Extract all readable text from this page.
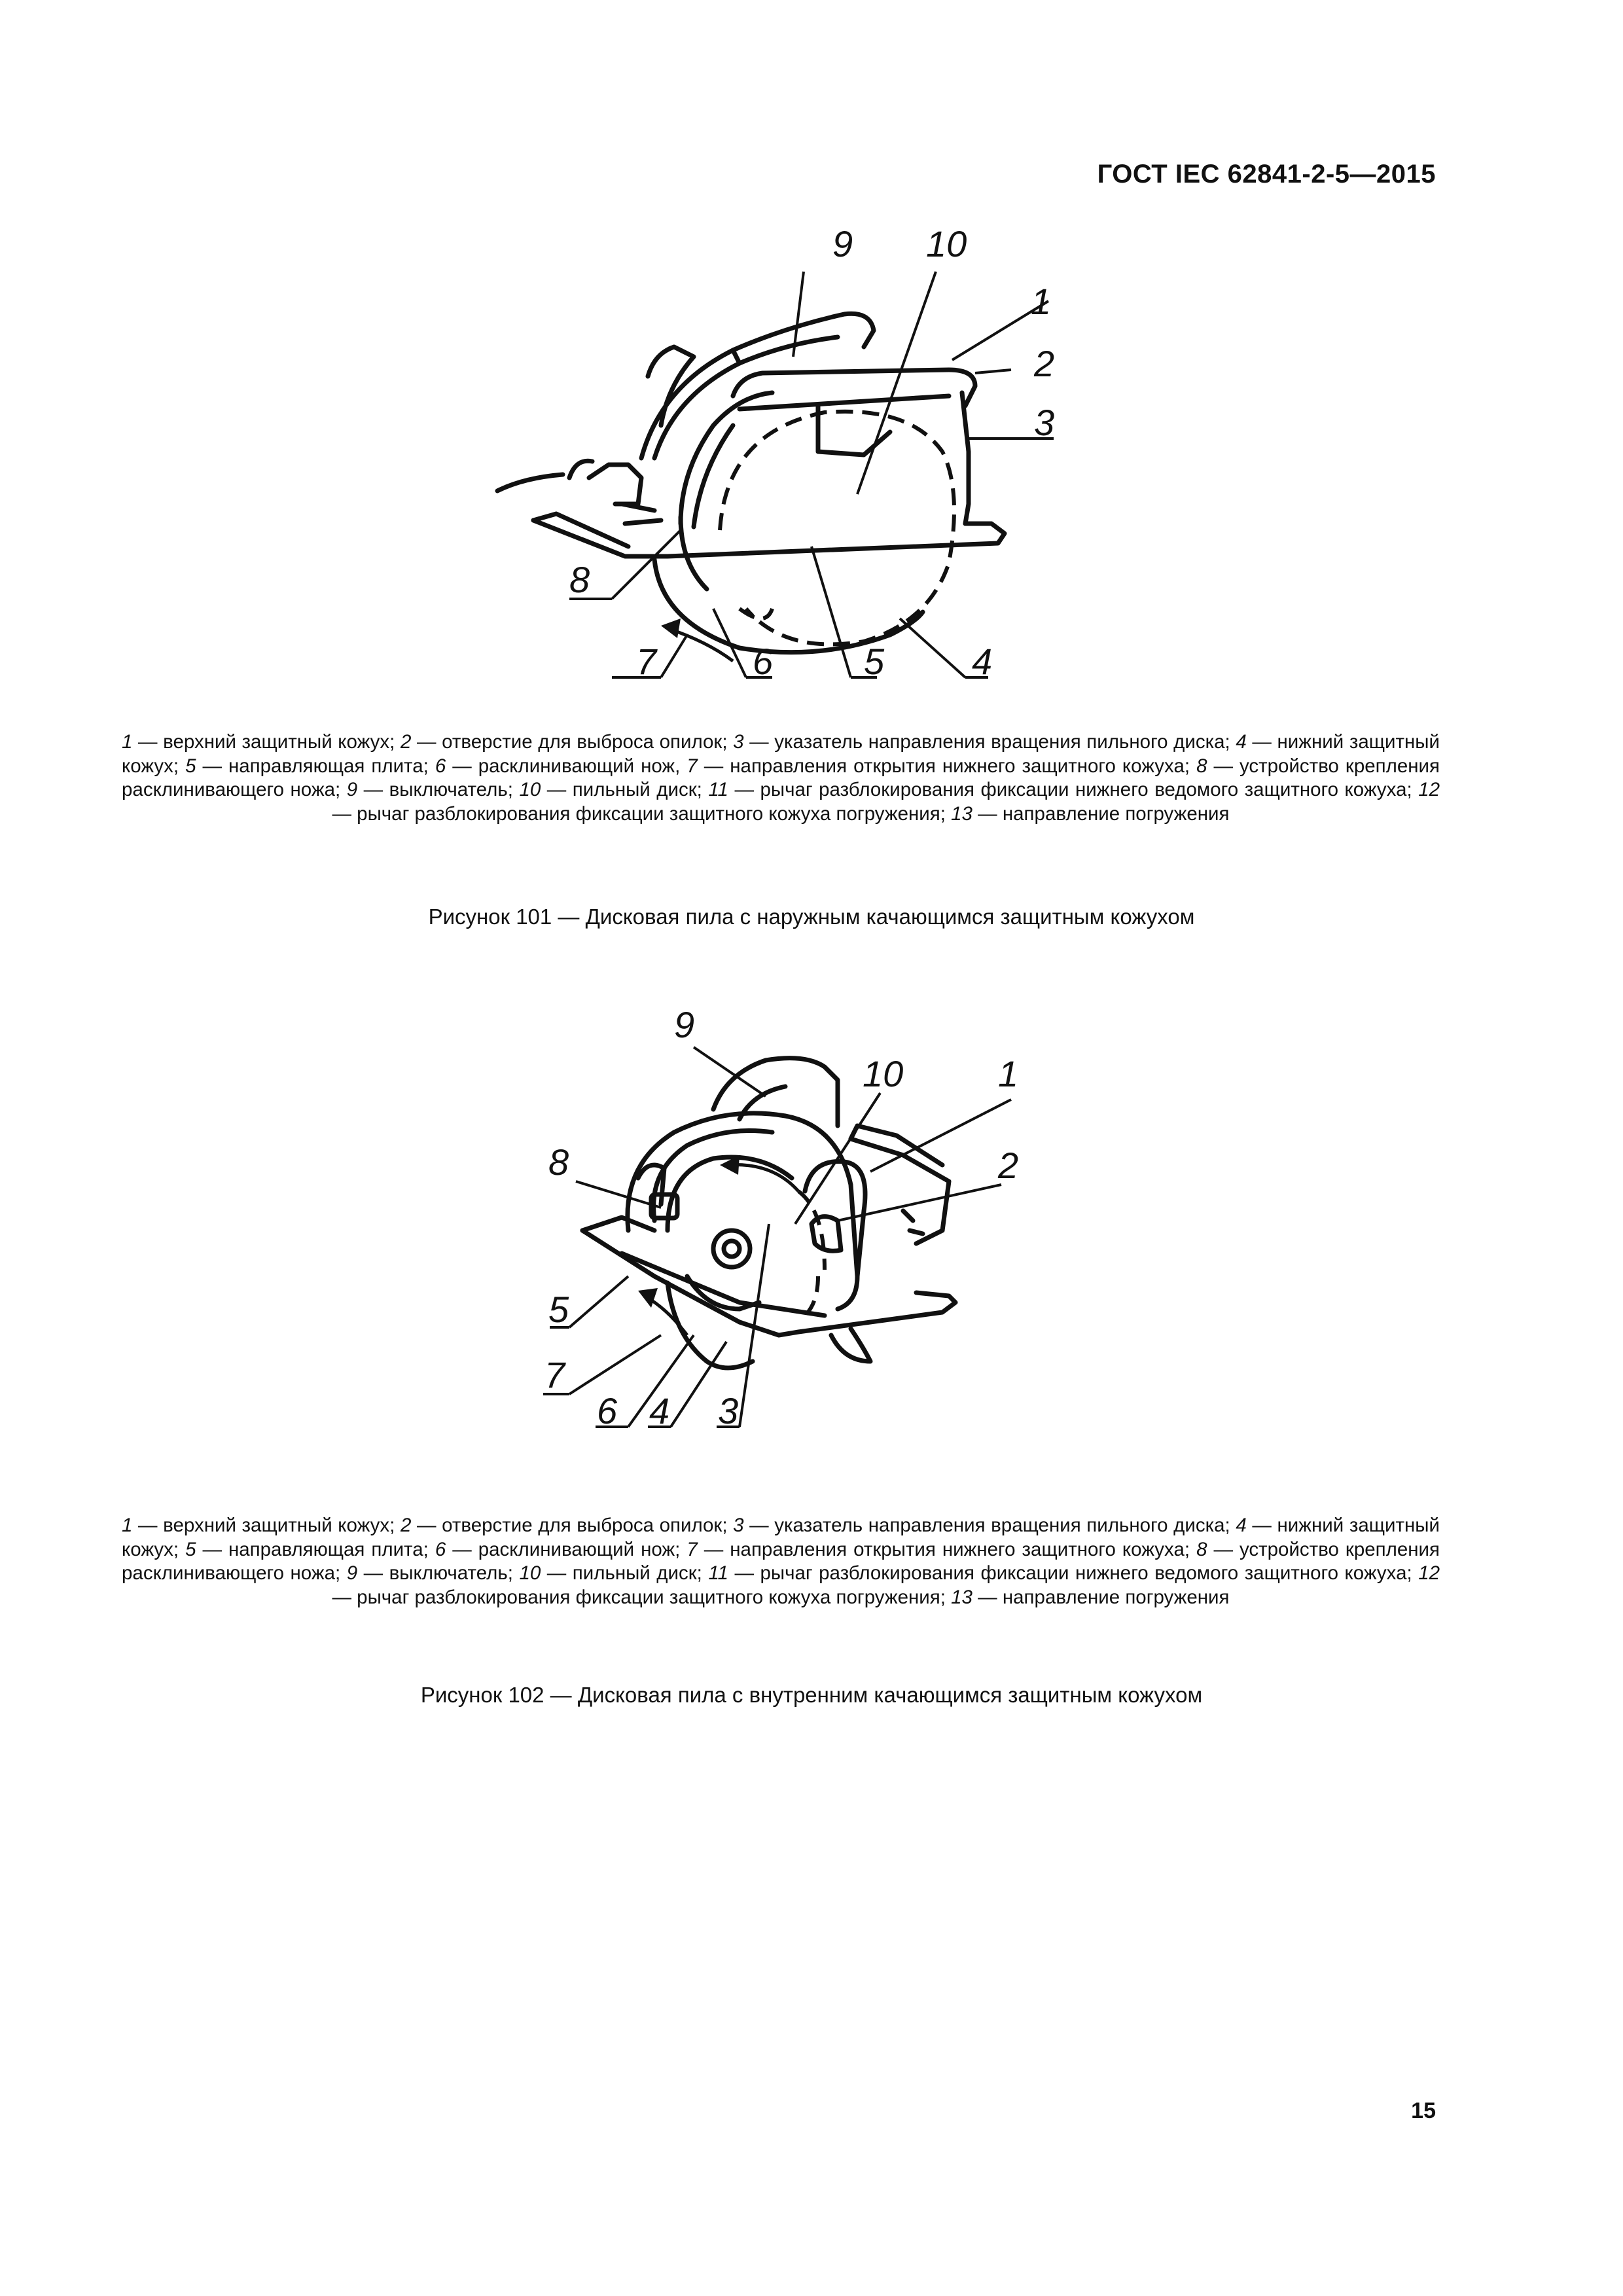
ГОСТ IEC 62841-2-5—2015
9 10
1
2
3
8
7	6 5 4
1 — верхний защитный кожух; 2 — отверстие для выброса опилок; 3 — указатель направления вращения пильного диска; 4 — нижний защитный кожух; 5 — направляющая плита; 6 — расклинивающий нож, 7 — направления открытия нижнего защитного кожуха; 8 — устройство крепления расклинивающего ножа; 9 — выключатель; 10 — пильный диск; 11 — рычаг разблокирования фиксации нижнего ведомого защитного кожуха; 12 — рычаг разблокирования фиксации защитного кожуха погружения; 13 — направление погружения
Рисунок 101 — Дисковая пила с наружным качающимся защитным кожухом
9
10	1
8	2
5
7
6 4 3
1 — верхний защитный кожух; 2 — отверстие для выброса опилок; 3 — указатель направления вращения пильного диска; 4 — нижний защитный кожух; 5 — направляющая плита; 6 — расклинивающий нож; 7 — направления открытия нижнего защитного кожуха; 8 — устройство крепления расклинивающего ножа; 9 — выключатель; 10 — пильный диск; 11 — рычаг разблокирования фиксации нижнего ведомого защитного кожуха; 12 — рычаг разблокирования фиксации защитного кожуха погружения; 13 — направление погружения
Рисунок 102 — Дисковая пила с внутренним качающимся защитным кожухом
15
